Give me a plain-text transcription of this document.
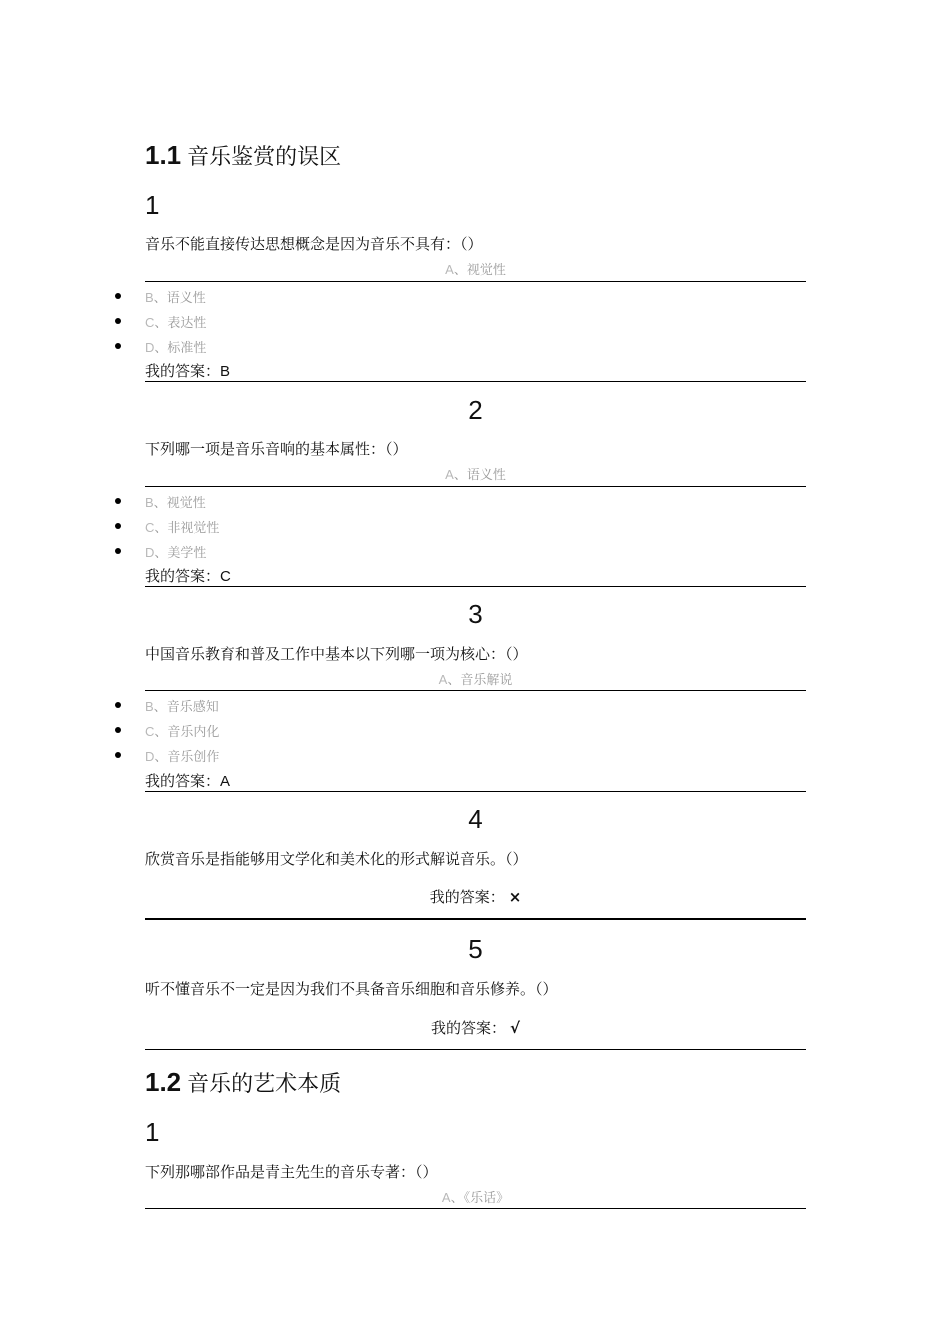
1.1 音乐鉴赏的误区
1
音乐不能直接传达思想概念是因为音乐不具有：（）
A、视觉性
B、语义性
C、表达性
D、标准性
我的答案：B
2
下列哪一项是音乐音响的基本属性：（）
A、语义性
B、视觉性
C、非视觉性
D、美学性
我的答案：C
3
中国音乐教育和普及工作中基本以下列哪一项为核心：（）
A、音乐解说
B、音乐感知
C、音乐内化
D、音乐创作
我的答案：A
4
欣赏音乐是指能够用文学化和美术化的形式解说音乐。（）
我的答案： ×
5
听不懂音乐不一定是因为我们不具备音乐细胞和音乐修养。（）
我的答案： √
1.2 音乐的艺术本质
1
下列那哪部作品是青主先生的音乐专著：（）
A、《乐话》
